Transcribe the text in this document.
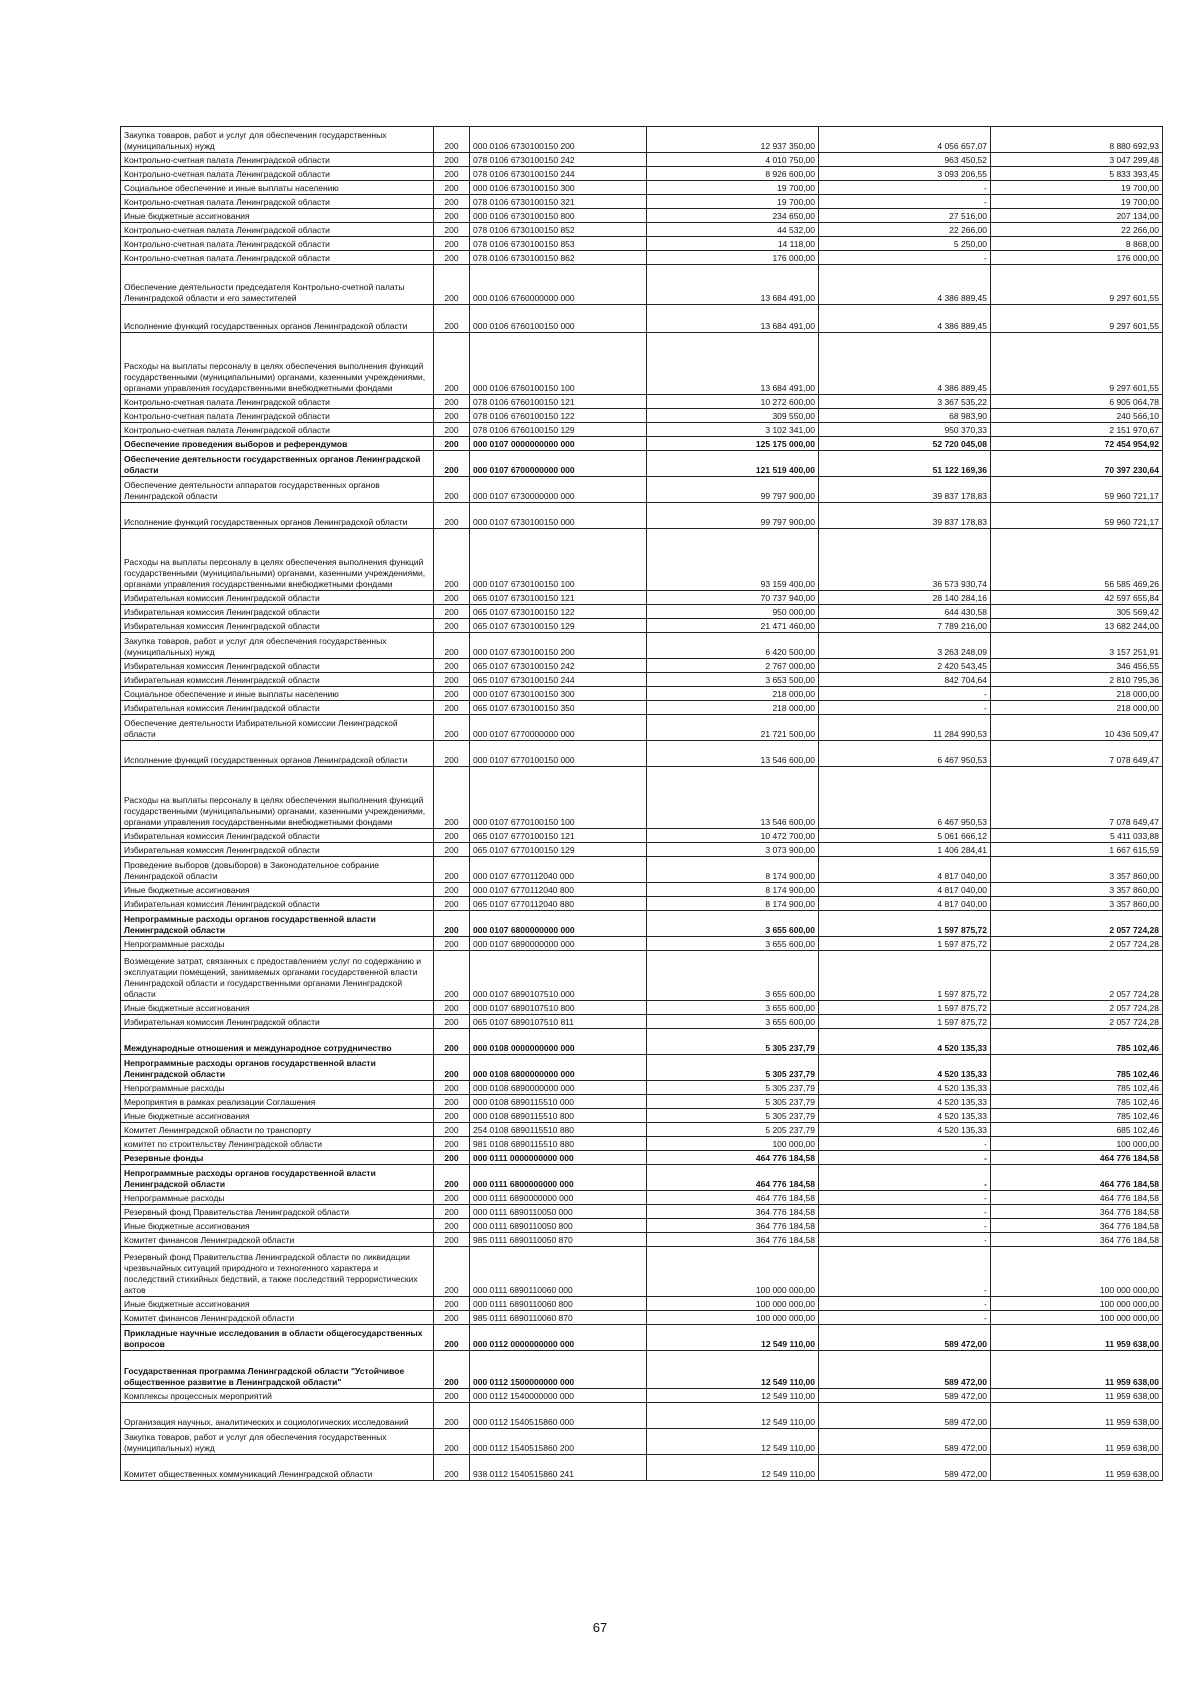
Закупка товаров, работ и услуг для обеспечения государственных (муниципальных) нужд	200	000 0106 6730100150 200	12 937 350,00	4 056 657,07	8 880 692,93
Контрольно-счетная палата Ленинградской области	200	078 0106 6730100150 242	4 010 750,00	963 450,52	3 047 299,48
Контрольно-счетная палата Ленинградской области	200	078 0106 6730100150 244	8 926 600,00	3 093 206,55	5 833 393,45
Социальное обеспечение и иные выплаты населению	200	000 0106 6730100150 300	19 700,00	-	19 700,00
Контрольно-счетная палата Ленинградской области	200	078 0106 6730100150 321	19 700,00	-	19 700,00
Иные бюджетные ассигнования	200	000 0106 6730100150 800	234 650,00	27 516,00	207 134,00
Контрольно-счетная палата Ленинградской области	200	078 0106 6730100150 852	44 532,00	22 266,00	22 266,00
Контрольно-счетная палата Ленинградской области	200	078 0106 6730100150 853	14 118,00	5 250,00	8 868,00
Контрольно-счетная палата Ленинградской области	200	078 0106 6730100150 862	176 000,00	-	176 000,00
Обеспечение деятельности председателя Контрольно-счетной палаты Ленинградской области и его заместителей	200	000 0106 6760000000 000	13 684 491,00	4 386 889,45	9 297 601,55
Исполнение функций государственных органов Ленинградской области	200	000 0106 6760100150 000	13 684 491,00	4 386 889,45	9 297 601,55
Расходы на выплаты персоналу в целях обеспечения выполнения функций государственными (муниципальными) органами, казенными учреждениями, органами управления государственными внебюджетными фондами	200	000 0106 6760100150 100	13 684 491,00	4 386 889,45	9 297 601,55
Контрольно-счетная палата Ленинградской области	200	078 0106 6760100150 121	10 272 600,00	3 367 535,22	6 905 064,78
Контрольно-счетная палата Ленинградской области	200	078 0106 6760100150 122	309 550,00	68 983,90	240 566,10
Контрольно-счетная палата Ленинградской области	200	078 0106 6760100150 129	3 102 341,00	950 370,33	2 151 970,67
Обеспечение проведения выборов и референдумов	200	000 0107 0000000000 000	125 175 000,00	52 720 045,08	72 454 954,92
Обеспечение деятельности государственных органов Ленинградской области	200	000 0107 6700000000 000	121 519 400,00	51 122 169,36	70 397 230,64
Обеспечение деятельности аппаратов государственных органов Ленинградской области	200	000 0107 6730000000 000	99 797 900,00	39 837 178,83	59 960 721,17
Исполнение функций государственных органов Ленинградской области	200	000 0107 6730100150 000	99 797 900,00	39 837 178,83	59 960 721,17
Расходы на выплаты персоналу в целях обеспечения выполнения функций государственными (муниципальными) органами, казенными учреждениями, органами управления государственными внебюджетными фондами	200	000 0107 6730100150 100	93 159 400,00	36 573 930,74	56 585 469,26
Избирательная комиссия Ленинградской области	200	065 0107 6730100150 121	70 737 940,00	28 140 284,16	42 597 655,84
Избирательная комиссия Ленинградской области	200	065 0107 6730100150 122	950 000,00	644 430,58	305 569,42
Избирательная комиссия Ленинградской области	200	065 0107 6730100150 129	21 471 460,00	7 789 216,00	13 682 244,00
Закупка товаров, работ и услуг для обеспечения государственных (муниципальных) нужд	200	000 0107 6730100150 200	6 420 500,00	3 263 248,09	3 157 251,91
Избирательная комиссия Ленинградской области	200	065 0107 6730100150 242	2 767 000,00	2 420 543,45	346 456,55
Избирательная комиссия Ленинградской области	200	065 0107 6730100150 244	3 653 500,00	842 704,64	2 810 795,36
Социальное обеспечение и иные выплаты населению	200	000 0107 6730100150 300	218 000,00	-	218 000,00
Избирательная комиссия Ленинградской области	200	065 0107 6730100150 350	218 000,00	-	218 000,00
Обеспечение деятельности Избирательной комиссии Ленинградской области	200	000 0107 6770000000 000	21 721 500,00	11 284 990,53	10 436 509,47
Исполнение функций государственных органов Ленинградской области	200	000 0107 6770100150 000	13 546 600,00	6 467 950,53	7 078 649,47
Расходы на выплаты персоналу в целях обеспечения выполнения функций государственными (муниципальными) органами, казенными учреждениями, органами управления государственными внебюджетными фондами	200	000 0107 6770100150 100	13 546 600,00	6 467 950,53	7 078 649,47
Избирательная комиссия Ленинградской области	200	065 0107 6770100150 121	10 472 700,00	5 061 666,12	5 411 033,88
Избирательная комиссия Ленинградской области	200	065 0107 6770100150 129	3 073 900,00	1 406 284,41	1 667 615,59
Проведение выборов (довыборов) в Законодательное собрание Ленинградской области	200	000 0107 6770112040 000	8 174 900,00	4 817 040,00	3 357 860,00
Иные бюджетные ассигнования	200	000 0107 6770112040 800	8 174 900,00	4 817 040,00	3 357 860,00
Избирательная комиссия Ленинградской области	200	065 0107 6770112040 880	8 174 900,00	4 817 040,00	3 357 860,00
Непрограммные расходы органов государственной власти Ленинградской области	200	000 0107 6800000000 000	3 655 600,00	1 597 875,72	2 057 724,28
Непрограммные расходы	200	000 0107 6890000000 000	3 655 600,00	1 597 875,72	2 057 724,28
Возмещение затрат, связанных с предоставлением услуг по содержанию и эксплуатации помещений, занимаемых органами государственной власти Ленинградской области и государственными органами Ленинградской области	200	000 0107 6890107510 000	3 655 600,00	1 597 875,72	2 057 724,28
Иные бюджетные ассигнования	200	000 0107 6890107510 800	3 655 600,00	1 597 875,72	2 057 724,28
Избирательная комиссия Ленинградской области	200	065 0107 6890107510 811	3 655 600,00	1 597 875,72	2 057 724,28
Международные отношения и международное сотрудничество	200	000 0108 0000000000 000	5 305 237,79	4 520 135,33	785 102,46
Непрограммные расходы органов государственной власти Ленинградской области	200	000 0108 6800000000 000	5 305 237,79	4 520 135,33	785 102,46
Непрограммные расходы	200	000 0108 6890000000 000	5 305 237,79	4 520 135,33	785 102,46
Мероприятия в рамках реализации Соглашения	200	000 0108 6890115510 000	5 305 237,79	4 520 135,33	785 102,46
Иные бюджетные ассигнования	200	000 0108 6890115510 800	5 305 237,79	4 520 135,33	785 102,46
Комитет Ленинградской области по транспорту	200	254 0108 6890115510 880	5 205 237,79	4 520 135,33	685 102,46
комитет по строительству Ленинградской области	200	981 0108 6890115510 880	100 000,00	-	100 000,00
Резервные фонды	200	000 0111 0000000000 000	464 776 184,58	-	464 776 184,58
Непрограммные расходы органов государственной власти Ленинградской области	200	000 0111 6800000000 000	464 776 184,58	-	464 776 184,58
Непрограммные расходы	200	000 0111 6890000000 000	464 776 184,58	-	464 776 184,58
Резервный фонд Правительства Ленинградской области	200	000 0111 6890110050 000	364 776 184,58	-	364 776 184,58
Иные бюджетные ассигнования	200	000 0111 6890110050 800	364 776 184,58	-	364 776 184,58
Комитет финансов Ленинградской области	200	985 0111 6890110050 870	364 776 184,58	-	364 776 184,58
Резервный фонд Правительства Ленинградской области по ликвидации чрезвычайных ситуаций природного и техногенного характера и последствий стихийных бедствий, а также последствий террористических актов	200	000 0111 6890110060 000	100 000 000,00	-	100 000 000,00
Иные бюджетные ассигнования	200	000 0111 6890110060 800	100 000 000,00	-	100 000 000,00
Комитет финансов Ленинградской области	200	985 0111 6890110060 870	100 000 000,00	-	100 000 000,00
Прикладные научные исследования в области общегосударственных вопросов	200	000 0112 0000000000 000	12 549 110,00	589 472,00	11 959 638,00
Государственная программа Ленинградской области "Устойчивое общественное развитие в Ленинградской области"	200	000 0112 1500000000 000	12 549 110,00	589 472,00	11 959 638,00
Комплексы процессных мероприятий	200	000 0112 1540000000 000	12 549 110,00	589 472,00	11 959 638,00
Организация научных, аналитических и социологических исследований	200	000 0112 1540515860 000	12 549 110,00	589 472,00	11 959 638,00
Закупка товаров, работ и услуг для обеспечения государственных (муниципальных) нужд	200	000 0112 1540515860 200	12 549 110,00	589 472,00	11 959 638,00
Комитет общественных коммуникаций Ленинградской области	200	938 0112 1540515860 241	12 549 110,00	589 472,00	11 959 638,00
67
